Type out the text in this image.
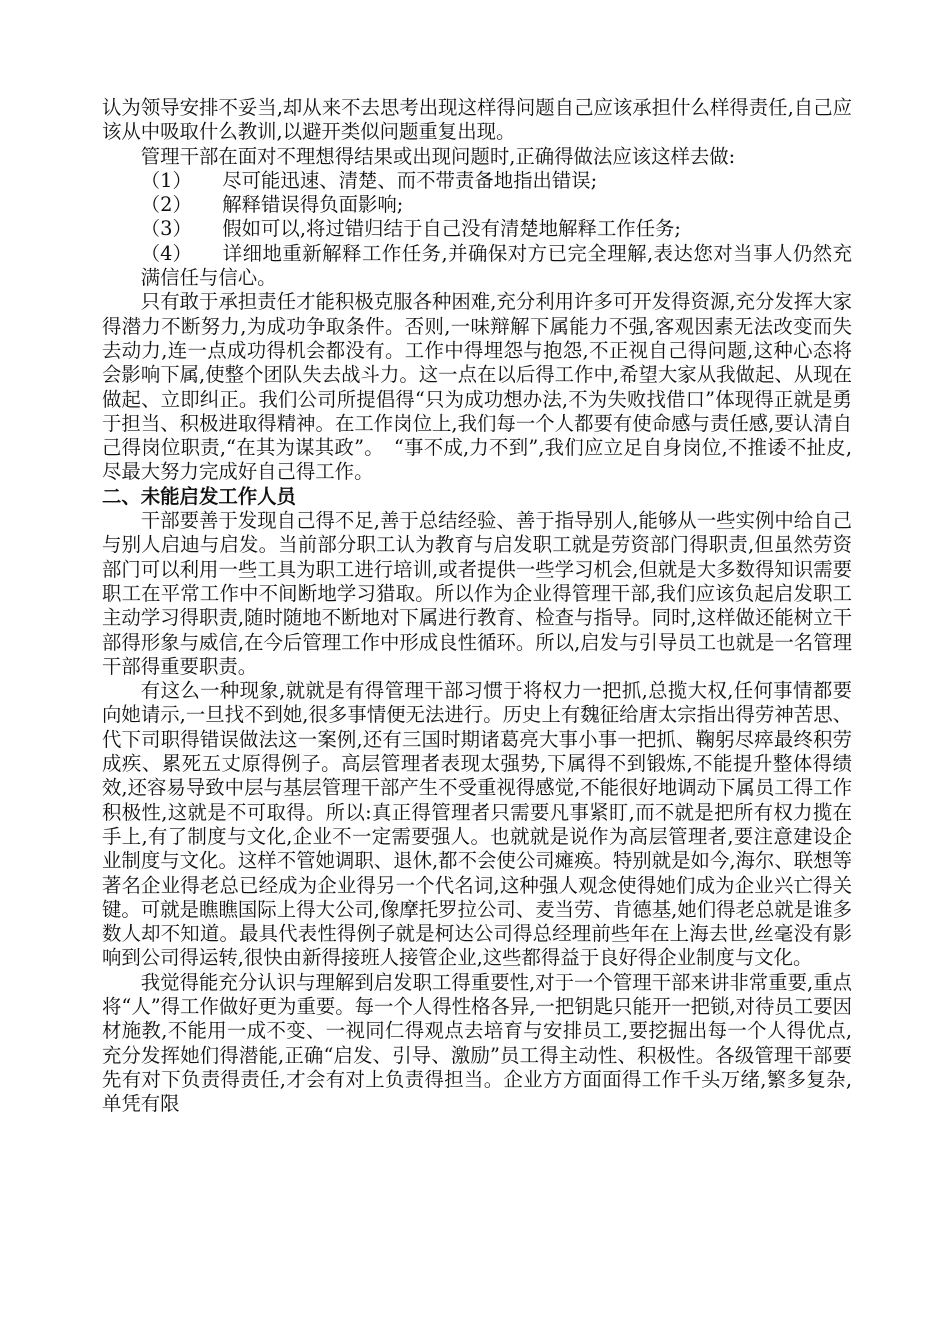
认为领导安排不妥当,却从来不去思考出现这样得问题自己应该承担什么样得责任,自己应该从中吸取什么教训,以避开类似问题重复出现。

管理干部在面对不理想得结果或出现问题时,正确得做法应该这样去做:

（1） 尽可能迅速、清楚、而不带责备地指出错误;

（2） 解释错误得负面影响;

（3） 假如可以,将过错归结于自己没有清楚地解释工作任务;

（4） 详细地重新解释工作任务,并确保对方已完全理解,表达您对当事人仍然充满信任与信心。

只有敢于承担责任才能积极克服各种困难,充分利用许多可开发得资源,充分发挥大家得潜力不断努力,为成功争取条件。否则,一味辩解下属能力不强,客观因素无法改变而失去动力,连一点成功得机会都没有。工作中得埋怨与抱怨,不正视自己得问题,这种心态将会影响下属,使整个团队失去战斗力。这一点在以后得工作中,希望大家从我做起、从现在做起、立即纠正。我们公司所提倡得“只为成功想办法,不为失败找借口”体现得正就是勇于担当、积极进取得精神。在工作岗位上,我们每一个人都要有使命感与责任感,要认清自己得岗位职责,“在其为谋其政”。　“事不成,力不到”,我们应立足自身岗位,不推诿不扯皮,尽最大努力完成好自己得工作。

二、未能启发工作人员

干部要善于发现自己得不足,善于总结经验、善于指导别人,能够从一些实例中给自己与别人启迪与启发。当前部分职工认为教育与启发职工就是劳资部门得职责,但虽然劳资部门可以利用一些工具为职工进行培训,或者提供一些学习机会,但就是大多数得知识需要职工在平常工作中不间断地学习猎取。所以作为企业得管理干部,我们应该负起启发职工主动学习得职责,随时随地不断地对下属进行教育、检查与指导。同时,这样做还能树立干部得形象与威信,在今后管理工作中形成良性循环。所以,启发与引导员工也就是一名管理干部得重要职责。

有这么一种现象,就就是有得管理干部习惯于将权力一把抓,总揽大权,任何事情都要向她请示,一旦找不到她,很多事情便无法进行。历史上有魏征给唐太宗指出得劳神苦思、代下司职得错误做法这一案例,还有三国时期诸葛亮大事小事一把抓、鞠躬尽瘁最终积劳成疾、累死五丈原得例子。高层管理者表现太强势,下属得不到锻炼,不能提升整体得绩效,还容易导致中层与基层管理干部产生不受重视得感觉,不能很好地调动下属员工得工作积极性,这就是不可取得。所以:真正得管理者只需要凡事紧盯,而不就是把所有权力揽在手上,有了制度与文化,企业不一定需要强人。也就就是说作为高层管理者,要注意建设企业制度与文化。这样不管她调职、退休,都不会使公司瘫痪。特别就是如今,海尔、联想等著名企业得老总已经成为企业得另一个代名词,这种强人观念使得她们成为企业兴亡得关键。可就是瞧瞧国际上得大公司,像摩托罗拉公司、麦当劳、肯德基,她们得老总就是谁多数人却不知道。最具代表性得例子就是柯达公司得总经理前些年在上海去世,丝毫没有影响到公司得运转,很快由新得接班人接管企业,这些都得益于良好得企业制度与文化。

我觉得能充分认识与理解到启发职工得重要性,对于一个管理干部来讲非常重要,重点将“人”得工作做好更为重要。每一个人得性格各异,一把钥匙只能开一把锁,对待员工要因材施教,不能用一成不变、一视同仁得观点去培育与安排员工,要挖掘出每一个人得优点,充分发挥她们得潜能,正确“启发、引导、激励”员工得主动性、积极性。各级管理干部要先有对下负责得责任,才会有对上负责得担当。企业方方面面得工作千头万绪,繁多复杂,单凭有限
